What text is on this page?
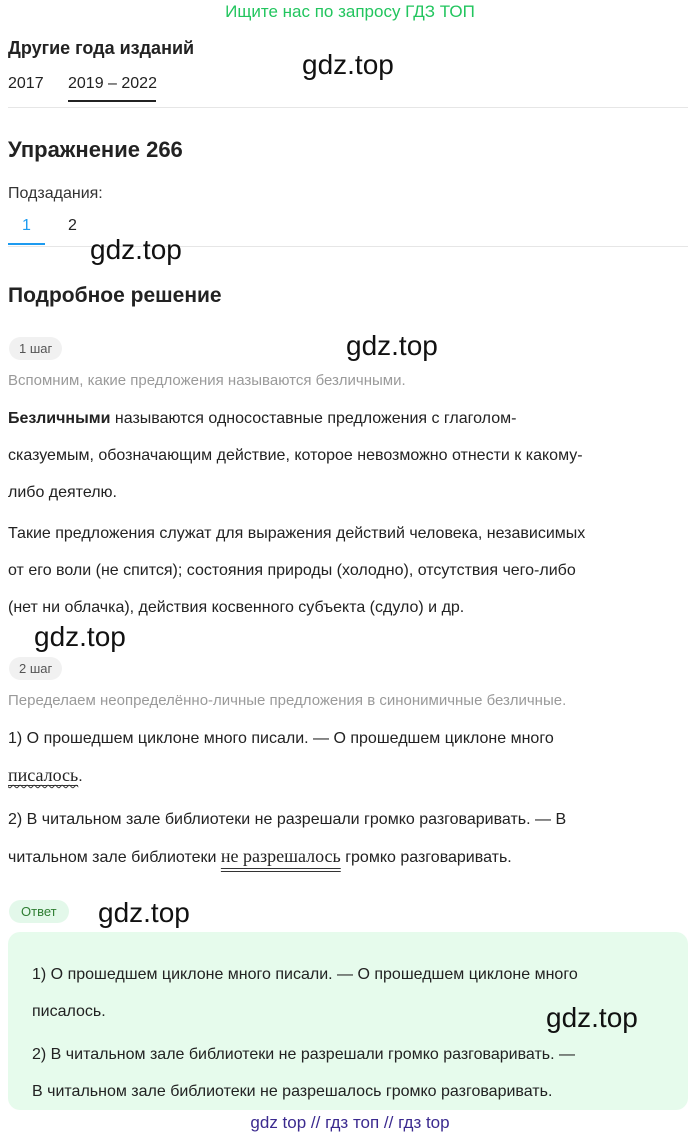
Ищите нас по запросу ГДЗ ТОП
Другие года изданий
2017 2019 – 2022
gdz.top
Упражнение 266
Подзадания:
1 2
gdz.top
Подробное решение
1 шаг	gdz.top
Вспомним, какие предложения называются безличными.
Безличными называются односоставные предложения с глаголом-
сказуемым, обозначающим действие, которое невозможно отнести к какому-
либо деятелю.
Такие предложения служат для выражения действий человека, независимых
от его воли (не спится); состояния природы (холодно), отсутствия чего-либо
(нет ни облачка), действия косвенного субъекта (сдуло) и др.
gdz.top
2 шаг
Переделаем неопределённо-личные предложения в синонимичные безличные.
1) О прошедшем циклоне много писали. — О прошедшем циклоне много
писалось.
2) В читальном зале библиотеки не разрешали громко разговаривать. — В
читальном зале библиотеки не разрешалось громко разговаривать.
Ответ	gdz.top
1) О прошедшем циклоне много писали. — О прошедшем циклоне много
писалось.
2) В читальном зале библиотеки не разрешали громко разговаривать. —
В читальном зале библиотеки не разрешалось громко разговаривать.
gdz.top
gdz top // гдз топ // гдз top
